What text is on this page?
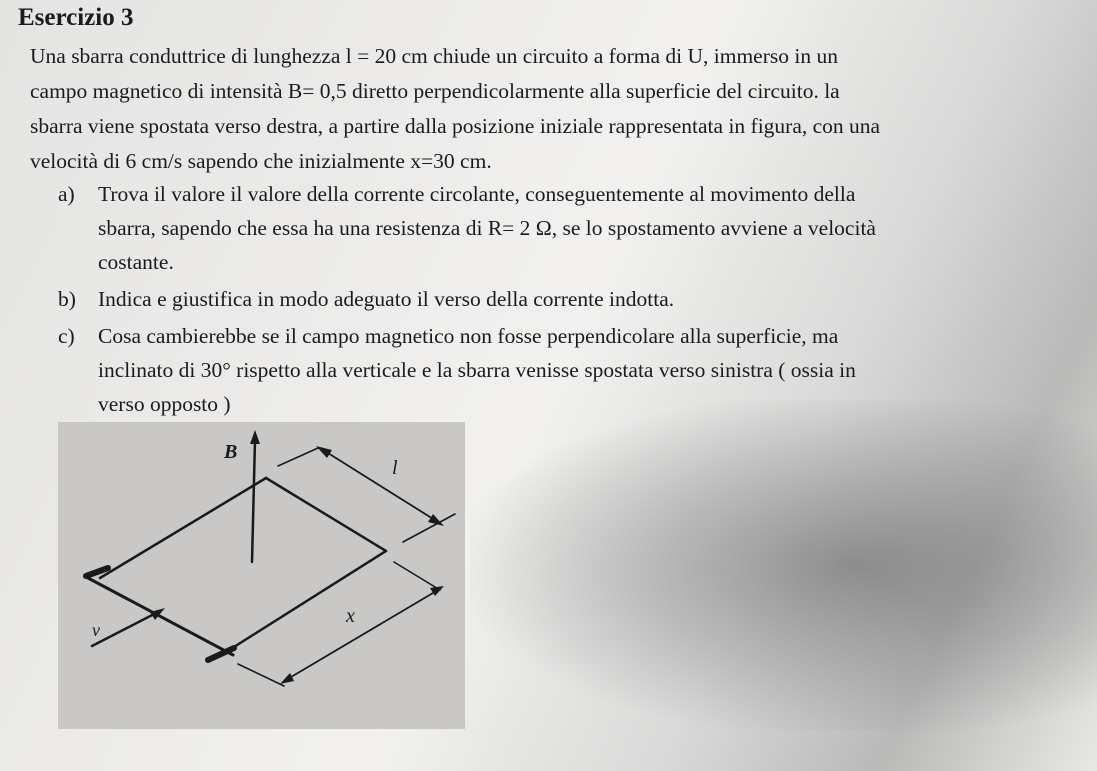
Esercizio 3
Una sbarra conduttrice di lunghezza l = 20 cm chiude un circuito a forma di U, immerso in un
campo magnetico di intensità B= 0,5 diretto perpendicolarmente alla superficie del circuito. la
sbarra viene spostata verso destra, a partire dalla posizione iniziale rappresentata in figura, con una
velocità di 6 cm/s sapendo che inizialmente x=30 cm.
a) Trova il valore il valore della corrente circolante, conseguentemente al movimento della
sbarra, sapendo che essa ha una resistenza di R= 2 Ω, se lo spostamento avviene a velocità
costante.
b) Indica e giustifica in modo adeguato il verso della corrente indotta.
c) Cosa cambierebbe se il campo magnetico non fosse perpendicolare alla superficie, ma
inclinato di 30° rispetto alla verticale e la sbarra venisse spostata verso sinistra ( ossia in
verso opposto )
B
l
x
v
